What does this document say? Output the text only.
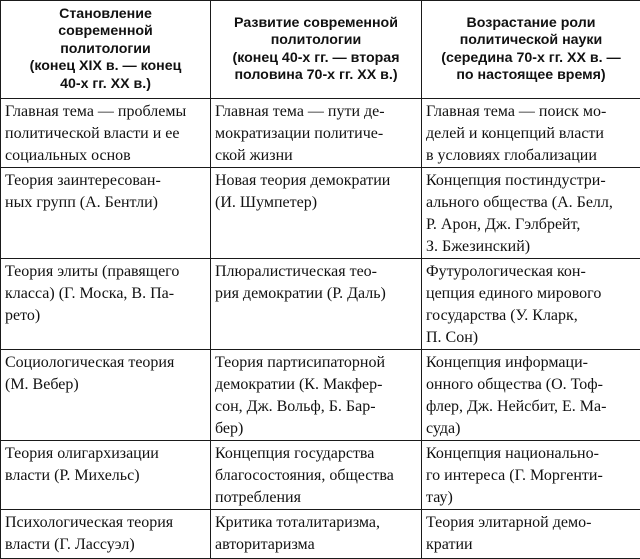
Становление
современной
политологии
(конец XIX в. — конец
40-х гг. XX в.)	Развитие современной
политологии
(конец 40-х гг. — вторая
половина 70-х гг. XX в.)	Возрастание роли
политической науки
(середина 70-х гг. XX в. —
по настоящее время)
Главная тема — проблемы
политической власти и ее
социальных основ	Главная тема — пути де-
мократизации политиче-
ской жизни	Главная тема — поиск мо-
делей и концепций власти
в условиях глобализации
Теория заинтересован-
ных групп (А. Бентли)	Новая теория демократии
(И. Шумпетер)	Концепция постиндустри-
ального общества (А. Белл,
Р. Арон, Дж. Гэлбрейт,
З. Бжезинский)
Теория элиты (правящего
класса) (Г. Моска, В. Па-
рето)	Плюралистическая тео-
рия демократии (Р. Даль)	Футурологическая кон-
цепция единого мирового
государства (У. Кларк,
П. Сон)
Социологическая теория
(М. Вебер)	Теория партисипаторной
демократии (К. Макфер-
сон, Дж. Вольф, Б. Бар-
бер)	Концепция информаци-
онного общества (О. Тоф-
флер, Дж. Нейсбит, Е. Ма-
суда)
Теория олигархизации
власти (Р. Михельс)	Концепция государства
благосостояния, общества
потребления	Концепция национально-
го интереса (Г. Моргенти-
тау)
Психологическая теория
власти (Г. Лассуэл)	Критика тоталитаризма,
авторитаризма	Теория элитарной демо-
кратии
